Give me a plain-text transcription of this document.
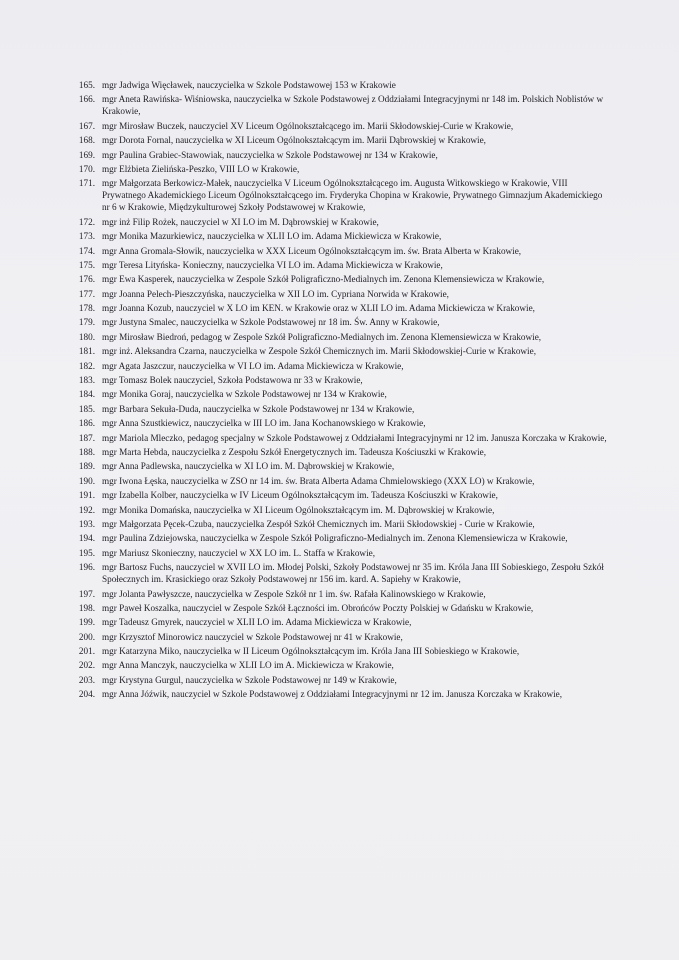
165. mgr Jadwiga Więcławek, nauczycielka w Szkole Podstawowej 153 w Krakowie
166. mgr Aneta Rawińska- Wiśniowska, nauczycielka w Szkole Podstawowej z Oddziałami Integracyjnymi nr 148 im. Polskich Noblistów w Krakowie,
167. mgr Mirosław Buczek, nauczyciel XV Liceum Ogólnokształcącego im. Marii Skłodowskiej-Curie w Krakowie,
168. mgr Dorota Fornal, nauczycielka w XI Liceum Ogólnokształcącym im. Marii Dąbrowskiej w Krakowie,
169. mgr Paulina Grabiec-Stawowiak, nauczycielka w Szkole Podstawowej nr 134 w Krakowie,
170. mgr Elżbieta Zielińska-Peszko, VIII LO w Krakowie,
171. mgr Małgorzata Berkowicz-Małek, nauczycielka V Liceum Ogólnokształcącego im. Augusta Witkowskiego w Krakowie, VIII Prywatnego Akademickiego Liceum Ogólnokształcącego im. Fryderyka Chopina w Krakowie, Prywatnego Gimnazjum Akademickiego nr 6 w Krakowie, Międzykulturowej Szkoły Podstawowej w Krakowie,
172. mgr inż Filip Rożek, nauczyciel w XI LO im M. Dąbrowskiej w Krakowie,
173. mgr Monika Mazurkiewicz, nauczycielka w XLII LO im. Adama Mickiewicza w Krakowie,
174. mgr Anna Gromala-Słowik, nauczycielka w XXX Liceum Ogólnokształcącym im. św. Brata Alberta w Krakowie,
175. mgr Teresa Lityńska- Konieczny, nauczycielka VI LO im. Adama Mickiewicza w Krakowie,
176. mgr Ewa Kasperek, nauczycielka w Zespole Szkół Poligraficzno-Medialnych im. Zenona Klemensiewicza w Krakowie,
177. mgr Joanna Pelech-Pieszczyńska, nauczycielka w XII LO im. Cypriana Norwida w Krakowie,
178. mgr Joanna Kozub, nauczyciel w X LO im KEN. w Krakowie oraz w XLII LO im. Adama Mickiewicza w Krakowie,
179. mgr Justyna Smalec, nauczycielka w Szkole Podstawowej nr 18 im. Św. Anny w Krakowie,
180. mgr Mirosław Biedroń, pedagog w Zespole Szkół Poligraficzno-Medialnych im. Zenona Klemensiewicza w Krakowie,
181. mgr inż. Aleksandra Czarna, nauczycielka w Zespole Szkół Chemicznych im. Marii Skłodowskiej-Curie w Krakowie,
182. mgr Agata Jaszczur, nauczycielka w VI LO im. Adama Mickiewicza w Krakowie,
183. mgr Tomasz Bolek nauczyciel, Szkoła Podstawowa nr 33 w Krakowie,
184. mgr Monika Goraj, nauczycielka w Szkole Podstawowej nr 134 w Krakowie,
185. mgr Barbara Sekuła-Duda, nauczycielka w Szkole Podstawowej nr 134 w Krakowie,
186. mgr Anna Szustkiewicz, nauczycielka w III LO im. Jana Kochanowskiego w Krakowie,
187. mgr Mariola Mleczko, pedagog specjalny w Szkole Podstawowej z Oddziałami Integracyjnymi nr 12 im. Janusza Korczaka w Krakowie,
188. mgr Marta Hebda, nauczycielka z Zespołu Szkół Energetycznych im. Tadeusza Kościuszki w Krakowie,
189. mgr Anna Padlewska, nauczycielka w XI LO im. M. Dąbrowskiej w Krakowie,
190. mgr Iwona Łęska, nauczycielka w ZSO nr 14 im. św. Brata Alberta Adama Chmielowskiego (XXX LO) w Krakowie,
191. mgr Izabella Kolber, nauczycielka w IV Liceum Ogólnokształcącym im. Tadeusza Kościuszki w Krakowie,
192. mgr Monika Domańska, nauczycielka w XI Liceum Ogólnokształcącym im. M. Dąbrowskiej w Krakowie,
193. mgr Małgorzata Pęcek-Czuba, nauczycielka Zespół Szkół Chemicznych im. Marii Skłodowskiej - Curie w Krakowie,
194. mgr Paulina Zdziejowska, nauczycielka w Zespole Szkół Poligraficzno-Medialnych im. Zenona Klemensiewicza w Krakowie,
195. mgr Mariusz Skonieczny, nauczyciel w XX LO im. L. Staffa w Krakowie,
196. mgr Bartosz Fuchs, nauczyciel w XVII LO im. Młodej Polski, Szkoły Podstawowej nr 35 im. Króla Jana III Sobieskiego, Zespołu Szkół Społecznych im. Krasickiego oraz Szkoły Podstawowej nr 156 im. kard. A. Sapiehy w Krakowie,
197. mgr Jolanta Pawłyszcze, nauczycielka w Zespole Szkół nr 1 im. św. Rafała Kalinowskiego w Krakowie,
198. mgr Paweł Koszalka, nauczyciel w Zespole Szkół Łączności im. Obrońców Poczty Polskiej w Gdańsku w Krakowie,
199. mgr Tadeusz Gmyrek, nauczyciel w XLII LO im. Adama Mickiewicza w Krakowie,
200. mgr Krzysztof Minorowicz nauczyciel w Szkole Podstawowej nr 41 w Krakowie,
201. mgr Katarzyna Miko, nauczycielka w II Liceum Ogólnokształcącym im. Króla Jana III Sobieskiego w Krakowie,
202. mgr Anna Manczyk, nauczycielka w XLII LO im A. Mickiewicza w Krakowie,
203. mgr Krystyna Gurgul, nauczycielka w Szkole Podstawowej nr 149 w Krakowie,
204. mgr Anna Jóźwik, nauczyciel w Szkole Podstawowej z Oddziałami Integracyjnymi nr 12 im. Janusza Korczaka w Krakowie,
